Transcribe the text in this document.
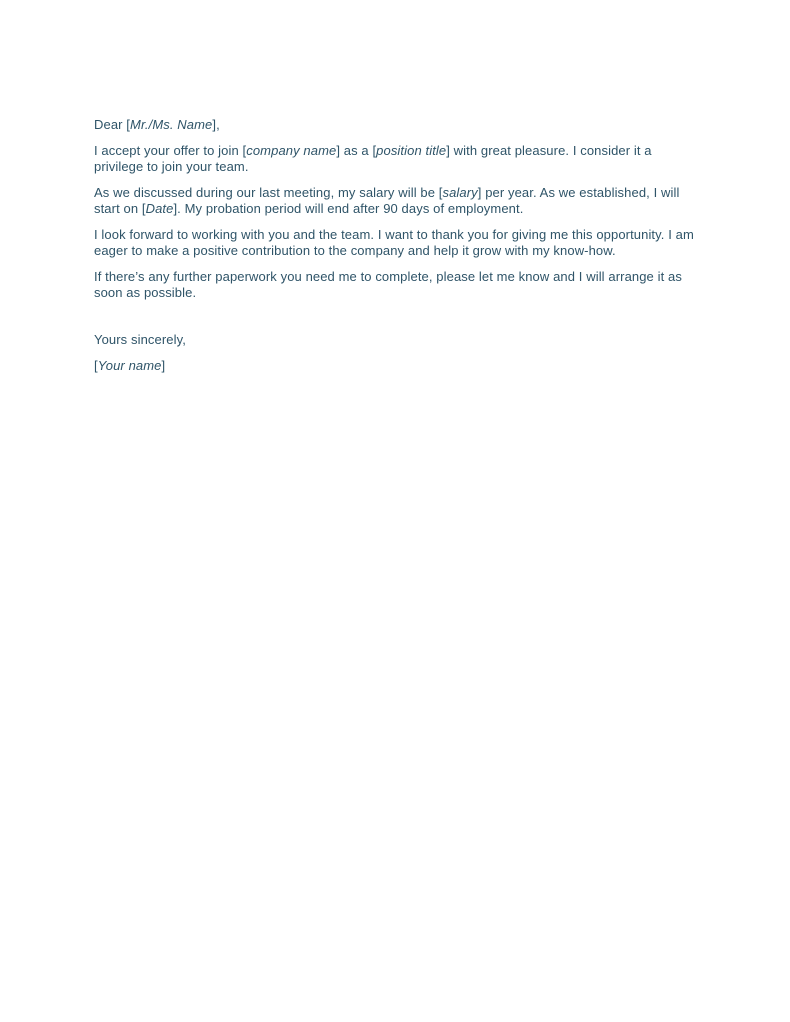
Dear [Mr./Ms. Name],

I accept your offer to join [company name] as a [position title] with great pleasure. I consider it a privilege to join your team.

As we discussed during our last meeting, my salary will be [salary] per year. As we established, I will start on [Date]. My probation period will end after 90 days of employment.

I look forward to working with you and the team. I want to thank you for giving me this opportunity. I am eager to make a positive contribution to the company and help it grow with my know-how.

If there’s any further paperwork you need me to complete, please let me know and I will arrange it as soon as possible.

Yours sincerely,

[Your name]
